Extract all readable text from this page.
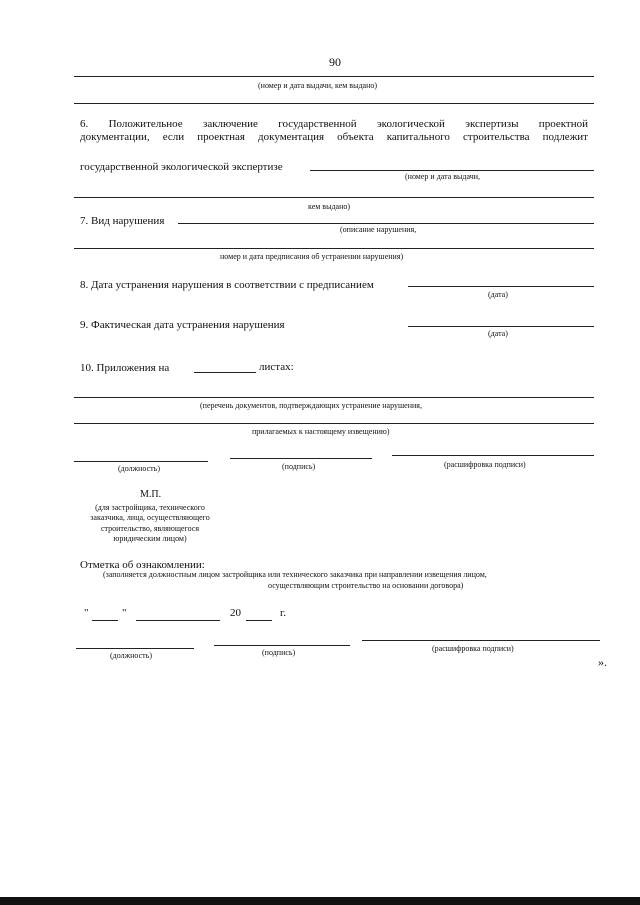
90
(номер и дата выдачи, кем выдано)
6. Положительное заключение государственной экологической экспертизы проектной
документации, если проектная документация объекта капитального строительства подлежит
государственной экологической экспертизе
(номер и дата выдачи,
кем выдано)
7. Вид нарушения
(описание нарушения,
номер и дата предписания об устранении нарушения)
8. Дата устранения нарушения в соответствии с предписанием
(дата)
9. Фактическая дата устранения нарушения
(дата)
10. Приложения на	листах:
(перечень документов, подтверждающих устранение нарушения,
прилагаемых к настоящему извещению)
(должность)	(подпись)	(расшифровка подписи)
М.П.
(для застройщика, технического
заказчика, лица, осуществляющего
строительство, являющегося
юридическим лицом)
Отметка об ознакомлении:
(заполняется должностным лицом застройщика или технического заказчика при направлении извещения лицом,
осуществляющим строительство на основании договора)
"	"	20	г.
(должность)	(подпись)	(расшифровка подписи)
».
